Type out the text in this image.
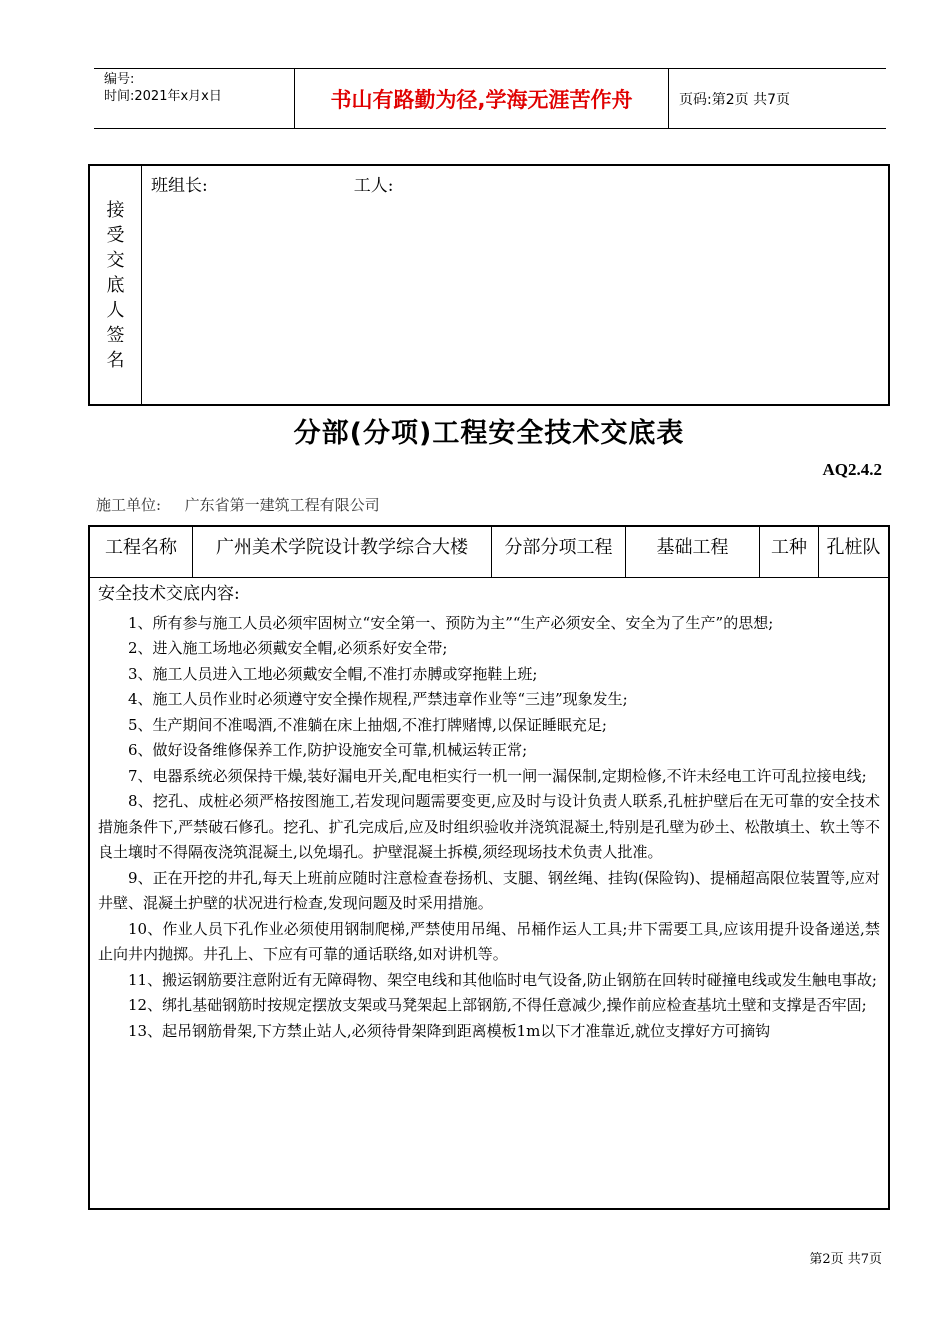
编号:
时间:2021年x月x日	书山有路勤为径,学海无涯苦作舟	页码:第2页 共7页
接受交底人签名
班组长:	工人:
分部(分项)工程安全技术交底表
AQ2.4.2
施工单位: 广东省第一建筑工程有限公司
工程名称	广州美术学院设计教学综合大楼	分部分项工程	基础工程	工种	孔桩队
安全技术交底内容:

1、所有参与施工人员必须牢固树立“安全第一、预防为主”“生产必须安全、安全为了生产”的思想;

2、进入施工场地必须戴安全帽,必须系好安全带;

3、施工人员进入工地必须戴安全帽,不准打赤膊或穿拖鞋上班;

4、施工人员作业时必须遵守安全操作规程,严禁违章作业等“三违”现象发生;

5、生产期间不准喝酒,不准躺在床上抽烟,不准打牌赌博,以保证睡眠充足;

6、做好设备维修保养工作,防护设施安全可靠,机械运转正常;

7、电器系统必须保持干燥,装好漏电开关,配电柜实行一机一闸一漏保制,定期检修,不许未经电工许可乱拉接电线;

8、挖孔、成桩必须严格按图施工,若发现问题需要变更,应及时与设计负责人联系,孔桩护壁后在无可靠的安全技术措施条件下,严禁破石修孔。挖孔、扩孔完成后,应及时组织验收并浇筑混凝土,特别是孔壁为砂土、松散填土、软土等不良土壤时不得隔夜浇筑混凝土,以免塌孔。护壁混凝土拆模,须经现场技术负责人批准。

9、正在开挖的井孔,每天上班前应随时注意检查卷扬机、支腿、钢丝绳、挂钩(保险钩)、提桶超高限位装置等,应对井壁、混凝土护壁的状况进行检查,发现问题及时采用措施。

10、作业人员下孔作业必须使用钢制爬梯,严禁使用吊绳、吊桶作运人工具;井下需要工具,应该用提升设备递送,禁止向井内抛掷。井孔上、下应有可靠的通话联络,如对讲机等。

11、搬运钢筋要注意附近有无障碍物、架空电线和其他临时电气设备,防止钢筋在回转时碰撞电线或发生触电事故;

12、绑扎基础钢筋时按规定摆放支架或马凳架起上部钢筋,不得任意减少,操作前应检查基坑土壁和支撑是否牢固;

13、起吊钢筋骨架,下方禁止站人,必须待骨架降到距离模板1m以下才准靠近,就位支撑好方可摘钩

第2页 共7页
